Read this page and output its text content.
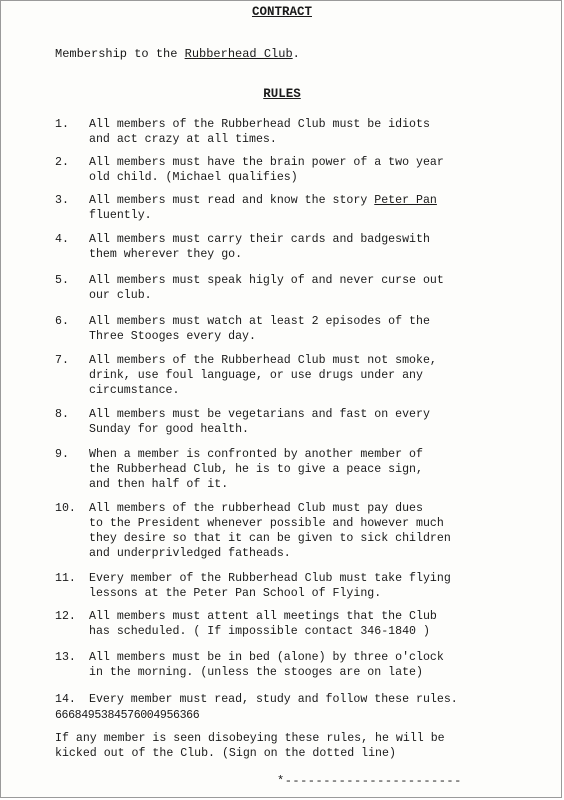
CONTRACT
Membership to the Rubberhead Club.
RULES
1.	All members of the Rubberhead Club must be idiots
and act crazy at all times.
2.	All members must have the brain power of a two year
old child. (Michael qualifies)
3.	All members must read and know the story Peter Pan
fluently.
4.	All members must carry their cards and badgeswith
them wherever they go.
5.	All members must speak higly of and never curse out
our club.
6.	All members must watch at least 2 episodes of the
Three Stooges every day.
7.	All members of the Rubberhead Club must not smoke,
drink, use foul language, or use drugs under any
circumstance.
8.	All members must be vegetarians and fast on every
Sunday for good health.
9.	When a member is confronted by another member of
the Rubberhead Club, he is to give a peace sign,
and then half of it.
10.	All members of the rubberhead Club must pay dues
to the President whenever possible and however much
they desire so that it can be given to sick children
and underprivledged fatheads.
11.	Every member of the Rubberhead Club must take flying
lessons at the Peter Pan School of Flying.
12.	All members must attent all meetings that the Club
has scheduled. ( If impossible contact 346-1840 )
13.	All members must be in bed (alone) by three o'clock
in the morning. (unless the stooges are on late)
14.	Every member must read, study and follow these rules.
6668495384576004956366
If any member is seen disobeying these rules, he will be
kicked out of the Club. (Sign on the dotted line)
*-----------------------
